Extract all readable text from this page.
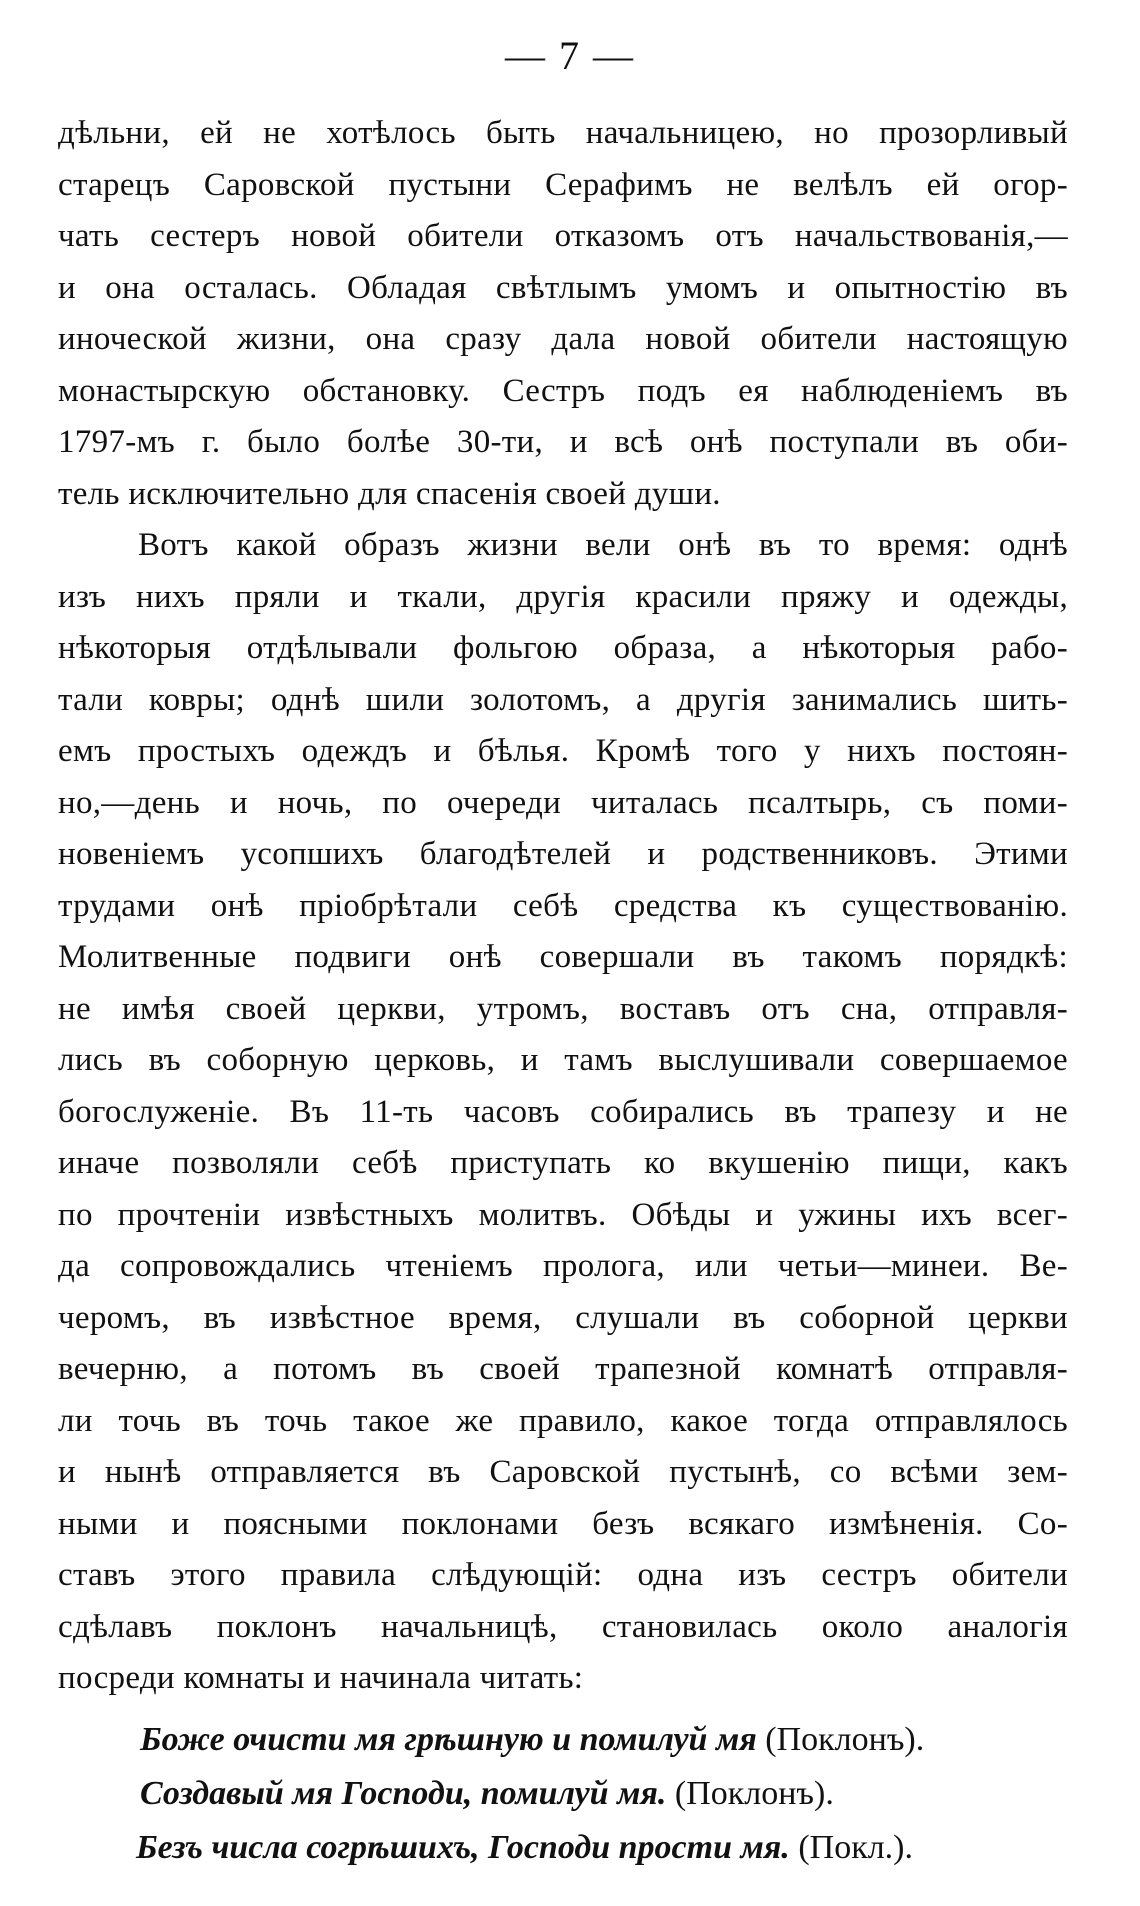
— 7 —
дѣльни, ей не хотѣлось быть начальницею, но прозорливый
старецъ Саровской пустыни Серафимъ не велѣлъ ей огор-
чать сестеръ новой обители отказомъ отъ начальствованія,—
и она осталась. Обладая свѣтлымъ умомъ и опытностію въ
иноческой жизни, она сразу дала новой обители настоящую
монастырскую обстановку. Сестръ подъ ея наблюденіемъ въ
1797-мъ г. было болѣе 30-ти, и всѣ онѣ поступали въ оби-
тель исключительно для спасенія своей души.
Вотъ какой образъ жизни вели онѣ въ то время: однѣ
изъ нихъ пряли и ткали, другія красили пряжу и одежды,
нѣкоторыя отдѣлывали фольгою образа, а нѣкоторыя рабо-
тали ковры; однѣ шили золотомъ, а другія занимались шить-
емъ простыхъ одеждъ и бѣлья. Кромѣ того у нихъ постоян-
но,—день и ночь, по очереди читалась псалтырь, съ поми-
новеніемъ усопшихъ благодѣтелей и родственниковъ. Этими
трудами онѣ пріобрѣтали себѣ средства къ существованію.
Молитвенные подвиги онѣ совершали въ такомъ порядкѣ:
не имѣя своей церкви, утромъ, воставъ отъ сна, отправля-
лись въ соборную церковь, и тамъ выслушивали совершаемое
богослуженіе. Въ 11-ть часовъ собирались въ трапезу и не
иначе позволяли себѣ приступать ко вкушенію пищи, какъ
по прочтеніи извѣстныхъ молитвъ. Обѣды и ужины ихъ всег-
да сопровождались чтеніемъ пролога, или четьи—минеи. Ве-
черомъ, въ извѣстное время, слушали въ соборной церкви
вечерню, а потомъ въ своей трапезной комнатѣ отправля-
ли точь въ точь такое же правило, какое тогда отправлялось
и нынѣ отправляется въ Саровской пустынѣ, со всѣми зем-
ными и поясными поклонами безъ всякаго измѣненія. Со-
ставъ этого правила слѣдующій: одна изъ сестръ обители
сдѣлавъ поклонъ начальницѣ, становилась около аналогія
посреди комнаты и начинала читать:
Боже очисти мя грѣшную и помилуй мя (Поклонъ).
Создавый мя Господи, помилуй мя. (Поклонъ).
Безъ числа согрѣшихъ, Господи прости мя. (Покл.).
